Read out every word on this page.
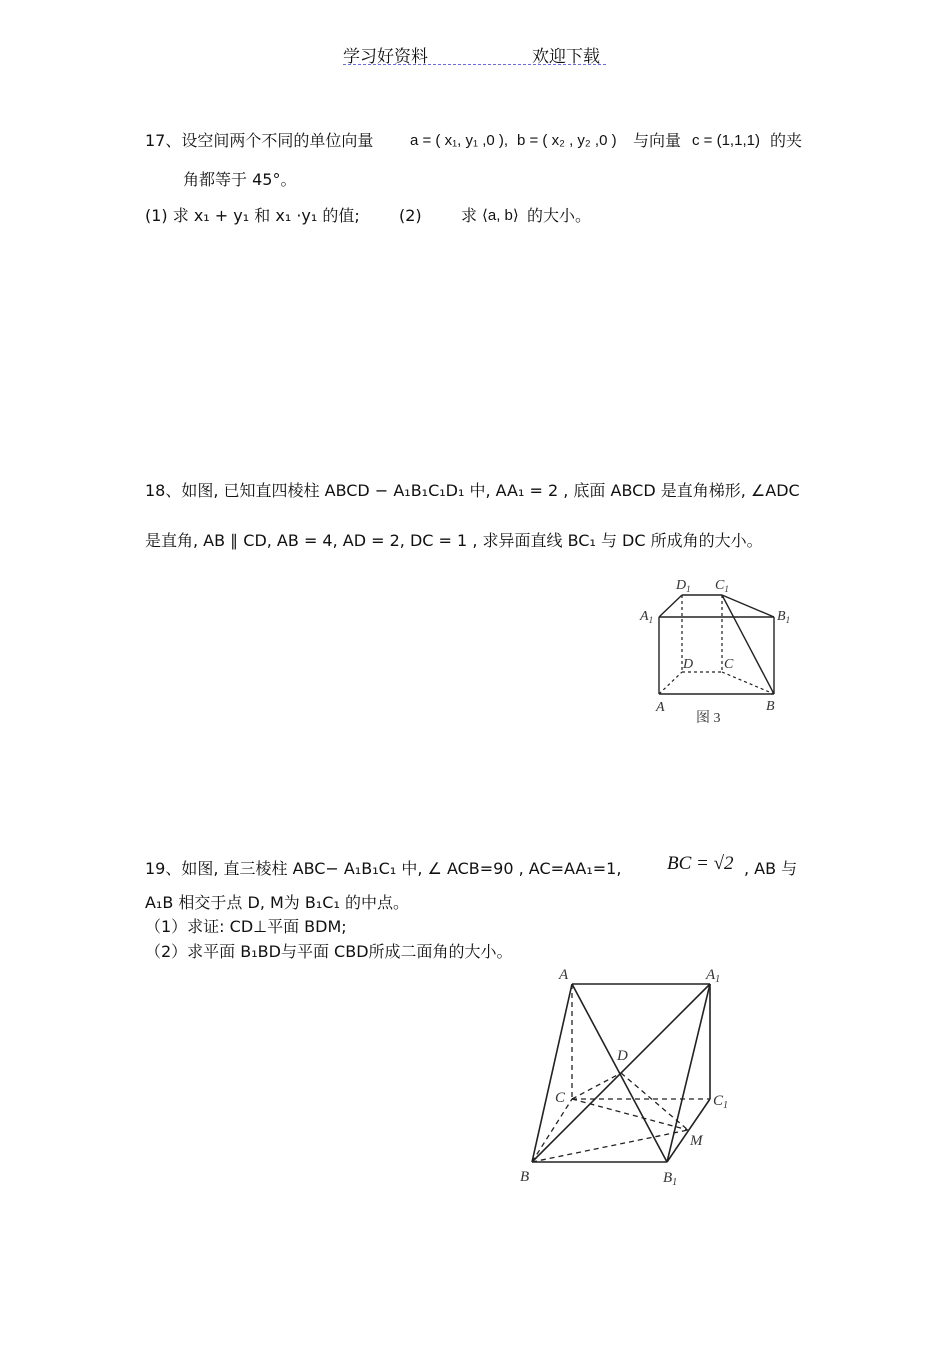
学习好资料	欢迎下载
17、设空间两个不同的单位向量 a = ( x₁, y₁ ,0 ), b = ( x₂ , y₂ ,0 ) 与向量 c = (1,1,1) 的夹
角都等于 45°。
(1) 求 x₁ + y₁ 和 x₁ ·y₁ 的值; (2) 求 ⟨a, b⟩ 的大小。
18、如图, 已知直四棱柱 ABCD − A₁B₁C₁D₁ 中, AA₁ = 2 , 底面 ABCD 是直角梯形, ∠ADC
是直角, AB ∥ CD, AB = 4, AD = 2, DC = 1 , 求异面直线 BC₁ 与 DC 所成角的大小。
$A_1$
$D_1$ $C_1$
$B_1$
D C
A	B
图 3
19、如图, 直三棱柱 ABC− A₁B₁C₁ 中, ∠ ACB=90 , AC=AA₁=1, BC = √2 , AB 与
A₁B 相交于点 D, M为 B₁C₁ 的中点。
（1）求证: CD⊥平面 BDM;
（2）求平面 B₁BD与平面 CBD所成二面角的大小。
A	$A_1$
D
C	$C_1$
M
B	$B_1$
